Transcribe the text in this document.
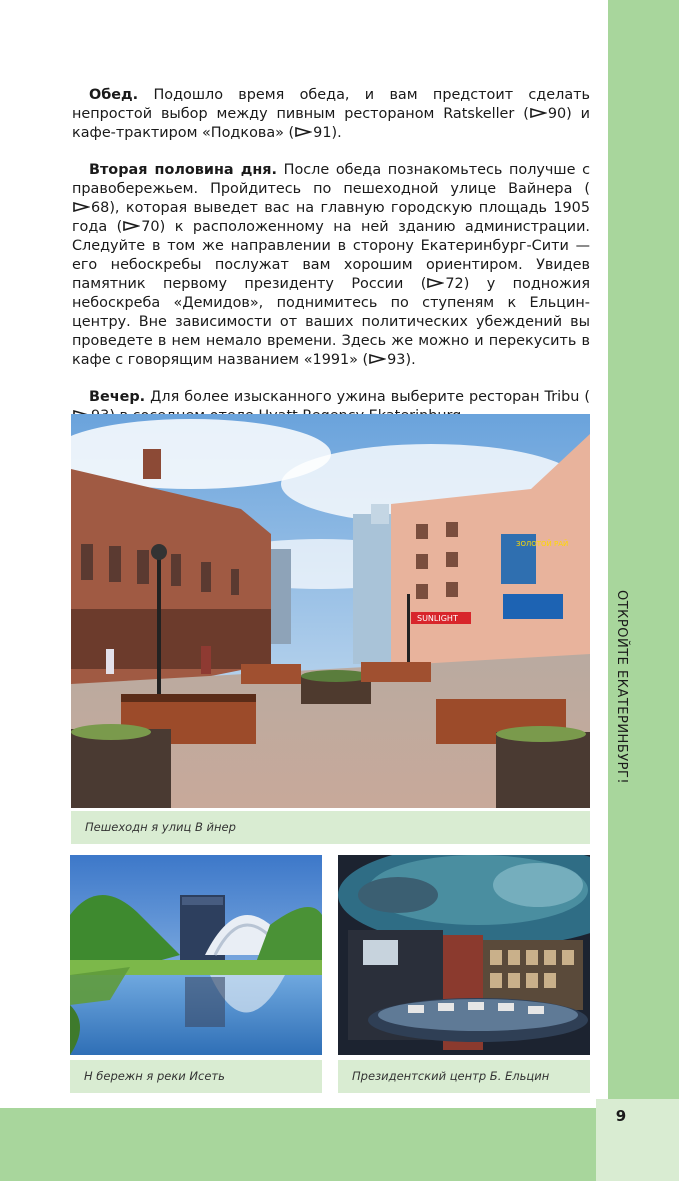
ОТКРОЙТЕ ЕКАТЕРИНБУРГ!
9

Обед. Подошло время обеда, и вам предстоит сделать непростой выбор между пивным рестораном Ratskeller ( 90) и кафе-трактиром «Подкова» ( 91).

Вторая половина дня. После обеда познакомьтесь получше с правобережьем. Пройдитесь по пешеходной улице Вайнера (68), которая выведет вас на главную городскую площадь 1905 года ( 70) к расположенному на ней зданию администрации. Следуйте в том же направлении в сторону Екатеринбург-Сити — его небоскребы послужат вам хорошим ориентиром. Увидев памятник первому президенту России ( 72) у подножия небоскреба «Демидов», поднимитесь по ступеням к Ельцин-центру. Вне зависимости от ваших политических убеждений вы проведете в нем немало времени. Здесь же можно и перекусить в кафе с говорящим названием «1991» ( 93).

Вечер. Для более изысканного ужина выберите ресторан Tribu (

ЗОЛОТОЙ РАЙ
SUNLIGHT
Пешеходн я улиц В йнер
Н бережн я реки Исеть	Президентский центр Б. Ельцин
